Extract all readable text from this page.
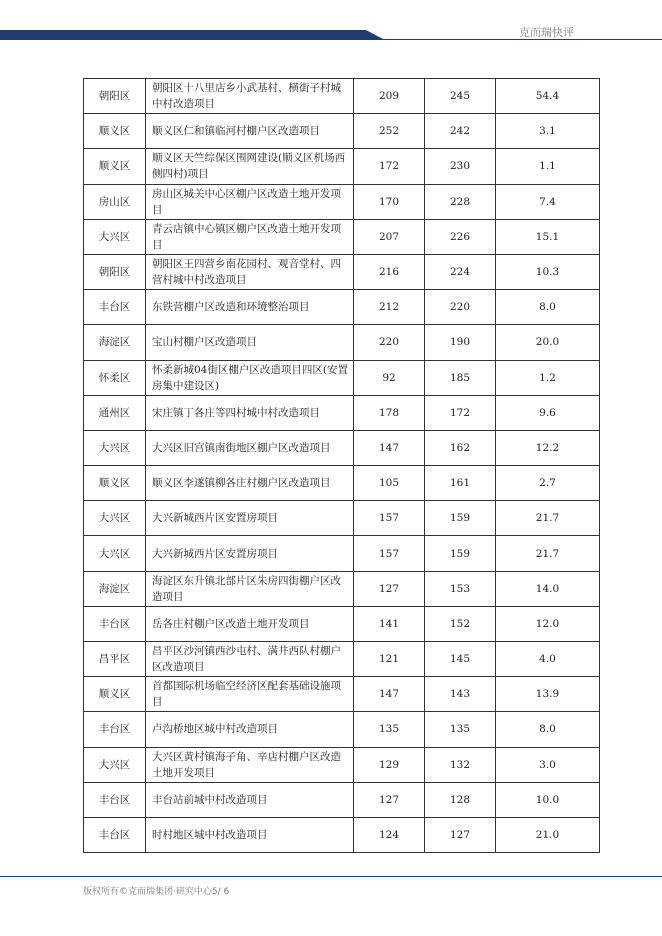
克而瑞快评
朝阳区	朝阳区十八里店乡小武基村、横街子村城中村改造项目	209	245	54.4
顺义区	顺义区仁和镇临河村棚户区改造项目	252	242	3.1
顺义区	顺义区天竺综保区围网建设(顺义区机场西侧四村)项目	172	230	1.1
房山区	房山区城关中心区棚户区改造土地开发项目	170	228	7.4
大兴区	青云店镇中心镇区棚户区改造土地开发项目	207	226	15.1
朝阳区	朝阳区王四营乡南花园村、观音堂村、四营村城中村改造项目	216	224	10.3
丰台区	东铁营棚户区改造和环境整治项目	212	220	8.0
海淀区	宝山村棚户区改造项目	220	190	20.0
怀柔区	怀柔新城04街区棚户区改造项目四区(安置房集中建设区)	92	185	1.2
通州区	宋庄镇丁各庄等四村城中村改造项目	178	172	9.6
大兴区	大兴区旧宫镇南街地区棚户区改造项目	147	162	12.2
顺义区	顺义区李遂镇柳各庄村棚户区改造项目	105	161	2.7
大兴区	大兴新城西片区安置房项目	157	159	21.7
大兴区	大兴新城西片区安置房项目	157	159	21.7
海淀区	海淀区东升镇北部片区朱房四街棚户区改造项目	127	153	14.0
丰台区	岳各庄村棚户区改造土地开发项目	141	152	12.0
昌平区	昌平区沙河镇西沙屯村、满井西队村棚户区改造项目	121	145	4.0
顺义区	首都国际机场临空经济区配套基础设施项目	147	143	13.9
丰台区	卢沟桥地区城中村改造项目	135	135	8.0
大兴区	大兴区黄村镇海子角、辛店村棚户区改造土地开发项目	129	132	3.0
丰台区	丰台站前城中村改造项目	127	128	10.0
丰台区	时村地区城中村改造项目	124	127	21.0
版权所有©克而瑞集团·研究中心5/ 6
